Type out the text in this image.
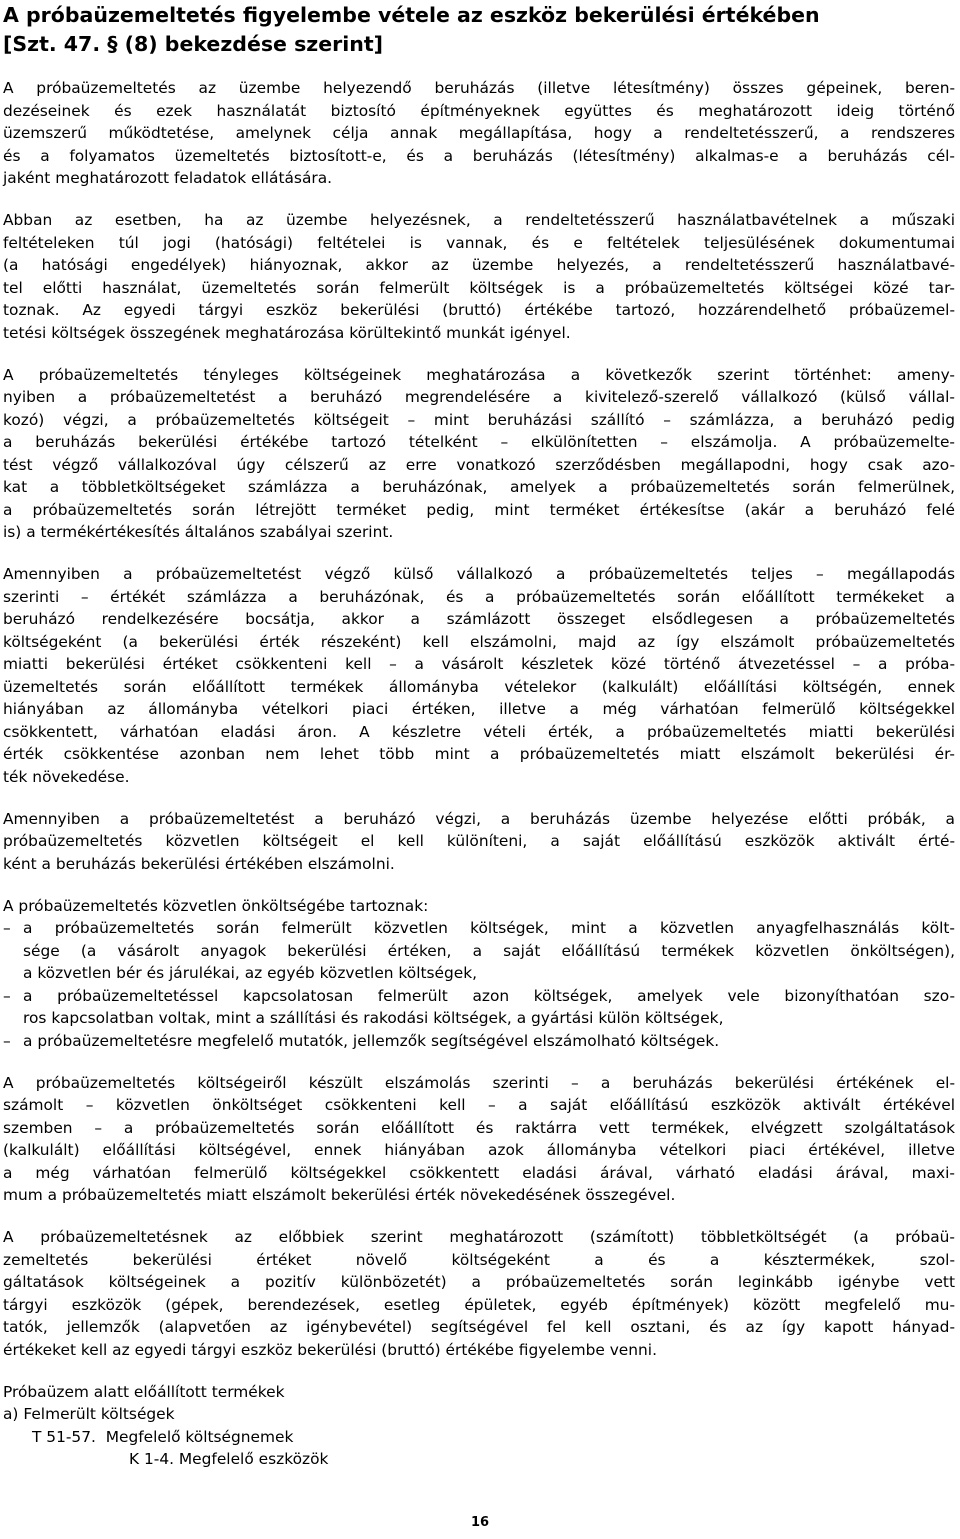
A próbaüzemeltetés figyelembe vétele az eszköz bekerülési értékében
[Szt. 47. § (8) bekezdése szerint]
A próbaüzemeltetés az üzembe helyezendő beruházás (illetve létesítmény) összes gépeinek, beren-
dezéseinek és ezek használatát biztosító építményeknek együttes és meghatározott ideig történő
üzemszerű működtetése, amelynek célja annak megállapítása, hogy a rendeltetésszerű, a rendszeres
és a folyamatos üzemeltetés biztosított-e, és a beruházás (létesítmény) alkalmas-e a beruházás cél-
jaként meghatározott feladatok ellátására.
Abban az esetben, ha az üzembe helyezésnek, a rendeltetésszerű használatbavételnek a műszaki
feltételeken túl jogi (hatósági) feltételei is vannak, és e feltételek teljesülésének dokumentumai
(a hatósági engedélyek) hiányoznak, akkor az üzembe helyezés, a rendeltetésszerű használatbavé-
tel előtti használat, üzemeltetés során felmerült költségek is a próbaüzemeltetés költségei közé tar-
toznak. Az egyedi tárgyi eszköz bekerülési (bruttó) értékébe tartozó, hozzárendelhető próbaüzemel-
tetési költségek összegének meghatározása körültekintő munkát igényel.
A próbaüzemeltetés tényleges költségeinek meghatározása a következők szerint történhet: ameny-
nyiben a próbaüzemeltetést a beruházó megrendelésére a kivitelező-szerelő vállalkozó (külső vállal-
kozó) végzi, a próbaüzemeltetés költségeit – mint beruházási szállító – számlázza, a beruházó pedig
a beruházás bekerülési értékébe tartozó tételként – elkülönítetten – elszámolja. A próbaüzemelte-
tést végző vállalkozóval úgy célszerű az erre vonatkozó szerződésben megállapodni, hogy csak azo-
kat a többletköltségeket számlázza a beruházónak, amelyek a próbaüzemeltetés során felmerülnek,
a próbaüzemeltetés során létrejött terméket pedig, mint terméket értékesítse (akár a beruházó felé
is) a termékértékesítés általános szabályai szerint.
Amennyiben a próbaüzemeltetést végző külső vállalkozó a próbaüzemeltetés teljes – megállapodás
szerinti – értékét számlázza a beruházónak, és a próbaüzemeltetés során előállított termékeket a
beruházó rendelkezésére bocsátja, akkor a számlázott összeget elsődlegesen a próbaüzemeltetés
költségeként (a bekerülési érték részeként) kell elszámolni, majd az így elszámolt próbaüzemeltetés
miatti bekerülési értéket csökkenteni kell – a vásárolt készletek közé történő átvezetéssel – a próba-
üzemeltetés során előállított termékek állományba vételekor (kalkulált) előállítási költségén, ennek
hiányában az állományba vételkori piaci értéken, illetve a még várhatóan felmerülő költségekkel
csökkentett, várhatóan eladási áron. A készletre vételi érték, a próbaüzemeltetés miatti bekerülési
érték csökkentése azonban nem lehet több mint a próbaüzemeltetés miatt elszámolt bekerülési ér-
ték növekedése.
Amennyiben a próbaüzemeltetést a beruházó végzi, a beruházás üzembe helyezése előtti próbák, a
próbaüzemeltetés közvetlen költségeit el kell különíteni, a saját előállítású eszközök aktivált érté-
ként a beruházás bekerülési értékében elszámolni.
A próbaüzemeltetés közvetlen önköltségébe tartoznak:
– a próbaüzemeltetés során felmerült közvetlen költségek, mint a közvetlen anyagfelhasználás költ-
sége (a vásárolt anyagok bekerülési értéken, a saját előállítású termékek közvetlen önköltségen),
a közvetlen bér és járulékai, az egyéb közvetlen költségek,
– a próbaüzemeltetéssel kapcsolatosan felmerült azon költségek, amelyek vele bizonyíthatóan szo-
ros kapcsolatban voltak, mint a szállítási és rakodási költségek, a gyártási külön költségek,
– a próbaüzemeltetésre megfelelő mutatók, jellemzők segítségével elszámolható költségek.
A próbaüzemeltetés költségeiről készült elszámolás szerinti – a beruházás bekerülési értékének el-
számolt – közvetlen önköltséget csökkenteni kell – a saját előállítású eszközök aktivált értékével
szemben – a próbaüzemeltetés során előállított és raktárra vett termékek, elvégzett szolgáltatások
(kalkulált) előállítási költségével, ennek hiányában azok állományba vételkori piaci értékével, illetve
a még várhatóan felmerülő költségekkel csökkentett eladási árával, várható eladási árával, maxi-
mum a próbaüzemeltetés miatt elszámolt bekerülési érték növekedésének összegével.
A próbaüzemeltetésnek az előbbiek szerint meghatározott (számított) többletköltségét (a próbaü-
zemeltetés bekerülési értéket növelő költségeként a és a késztermékek, szol-
gáltatások költségeinek a pozitív különbözetét) a próbaüzemeltetés során leginkább igénybe vett
tárgyi eszközök (gépek, berendezések, esetleg épületek, egyéb építmények) között megfelelő mu-
tatók, jellemzők (alapvetően az igénybevétel) segítségével fel kell osztani, és az így kapott hányad-
értékeket kell az egyedi tárgyi eszköz bekerülési (bruttó) értékébe figyelembe venni.
Próbaüzem alatt előállított termékek
a) Felmerült költségek
T 51-57.  Megfelelő költségnemek
K 1-4. Megfelelő eszközök
16
